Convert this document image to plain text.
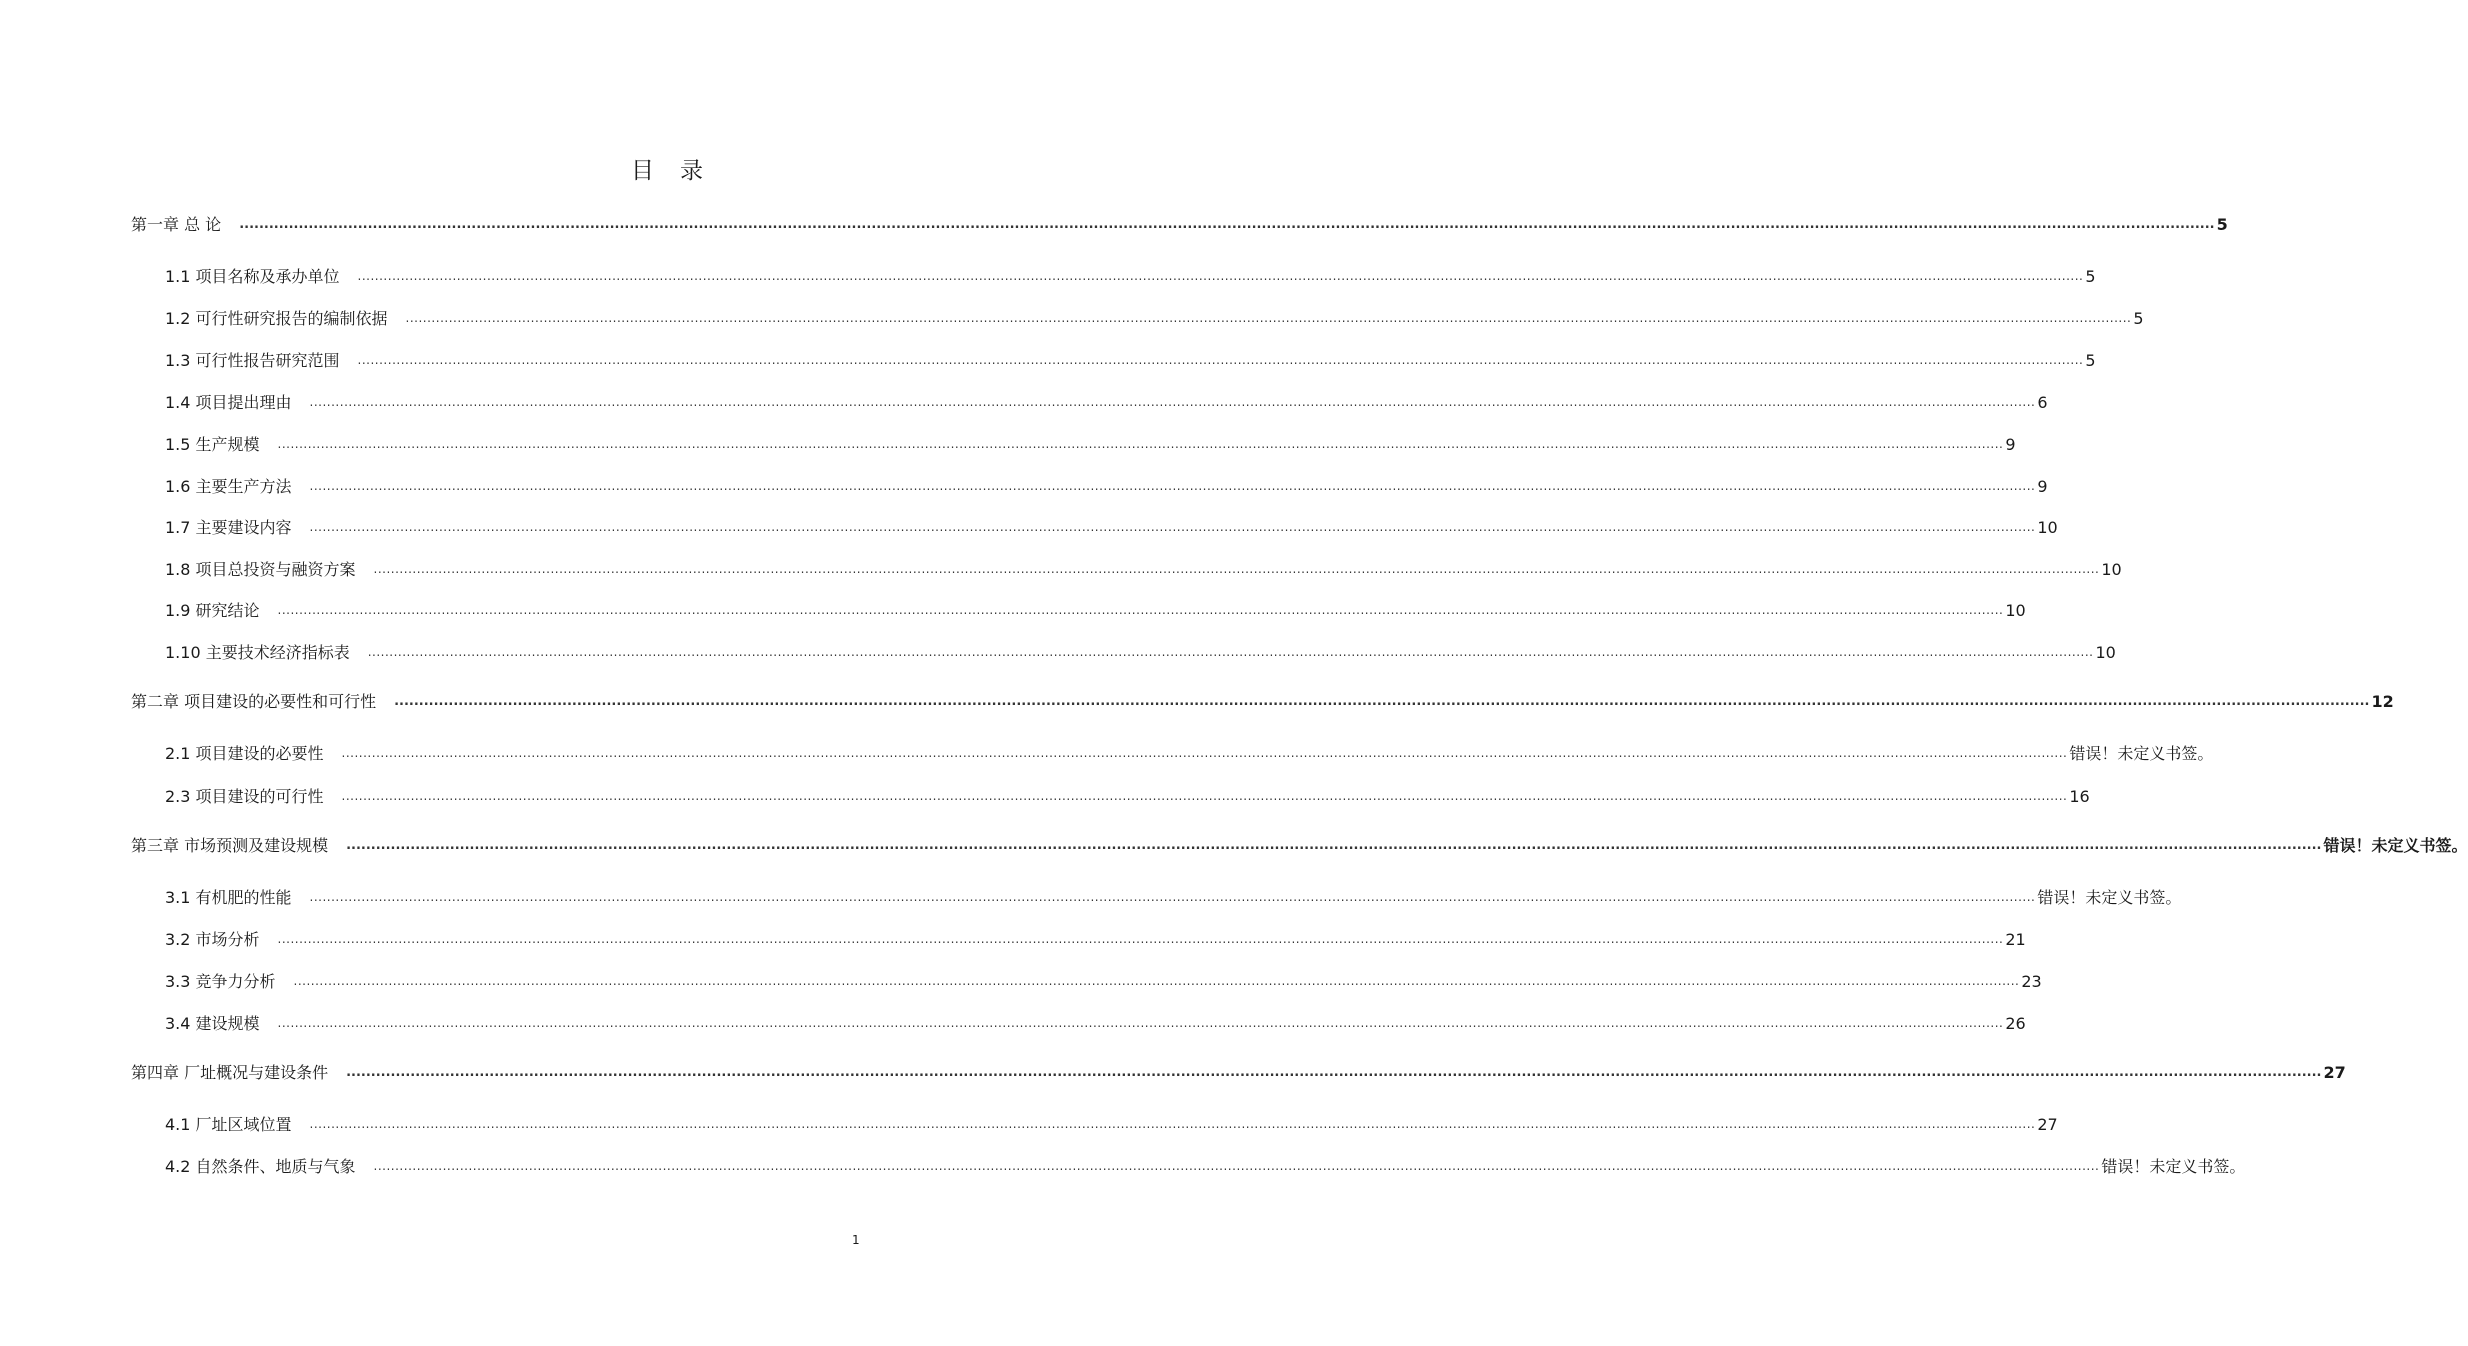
目录
第一章 总 论 ................................................................................................................................................................................................................................................................................................................................................................................................................ 5
1.1 项目名称及承办单位 ................................................................................................................................................................................................................................................................................................................................................................................................................ 5
1.2 可行性研究报告的编制依据 ................................................................................................................................................................................................................................................................................................................................................................................................................ 5
1.3 可行性报告研究范围 ................................................................................................................................................................................................................................................................................................................................................................................................................ 5
1.4 项目提出理由 ................................................................................................................................................................................................................................................................................................................................................................................................................ 6
1.5 生产规模 ................................................................................................................................................................................................................................................................................................................................................................................................................ 9
1.6 主要生产方法 ................................................................................................................................................................................................................................................................................................................................................................................................................ 9
1.7 主要建设内容 ................................................................................................................................................................................................................................................................................................................................................................................................................ 10
1.8 项目总投资与融资方案 ................................................................................................................................................................................................................................................................................................................................................................................................................ 10
1.9 研究结论 ................................................................................................................................................................................................................................................................................................................................................................................................................ 10
1.10 主要技术经济指标表 ................................................................................................................................................................................................................................................................................................................................................................................................................ 10
第二章 项目建设的必要性和可行性 ................................................................................................................................................................................................................................................................................................................................................................................................................ 12
2.1 项目建设的必要性 ................................................................................................................................................................................................................................................................................................................................................................................................................ 错误！未定义书签。
2.3 项目建设的可行性 ................................................................................................................................................................................................................................................................................................................................................................................................................ 16
第三章 市场预测及建设规模 ................................................................................................................................................................................................................................................................................................................................................................................................................ 错误！未定义书签。
3.1 有机肥的性能 ................................................................................................................................................................................................................................................................................................................................................................................................................ 错误！未定义书签。
3.2 市场分析 ................................................................................................................................................................................................................................................................................................................................................................................................................ 21
3.3 竞争力分析 ................................................................................................................................................................................................................................................................................................................................................................................................................ 23
3.4 建设规模 ................................................................................................................................................................................................................................................................................................................................................................................................................ 26
第四章 厂址概况与建设条件 ................................................................................................................................................................................................................................................................................................................................................................................................................ 27
4.1 厂址区域位置 ................................................................................................................................................................................................................................................................................................................................................................................................................ 27
4.2 自然条件、地质与气象 ................................................................................................................................................................................................................................................................................................................................................................................................................ 错误！未定义书签。
1
